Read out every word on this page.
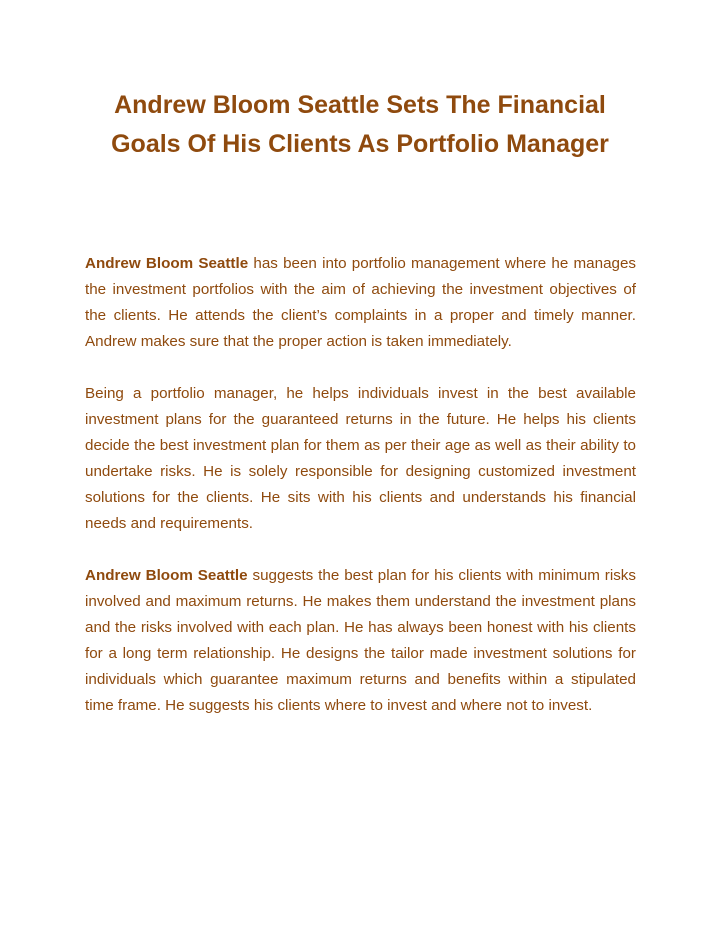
Andrew Bloom Seattle Sets The Financial Goals Of His Clients As Portfolio Manager

Andrew Bloom Seattle has been into portfolio management where he manages the investment portfolios with the aim of achieving the investment objectives of the clients. He attends the client’s complaints in a proper and timely manner. Andrew makes sure that the proper action is taken immediately.

Being a portfolio manager, he helps individuals invest in the best available investment plans for the guaranteed returns in the future. He helps his clients decide the best investment plan for them as per their age as well as their ability to undertake risks. He is solely responsible for designing customized investment solutions for the clients. He sits with his clients and understands his financial needs and requirements.

Andrew Bloom Seattle suggests the best plan for his clients with minimum risks involved and maximum returns. He makes them understand the investment plans and the risks involved with each plan. He has always been honest with his clients for a long term relationship. He designs the tailor made investment solutions for individuals which guarantee maximum returns and benefits within a stipulated time frame. He suggests his clients where to invest and where not to invest.
